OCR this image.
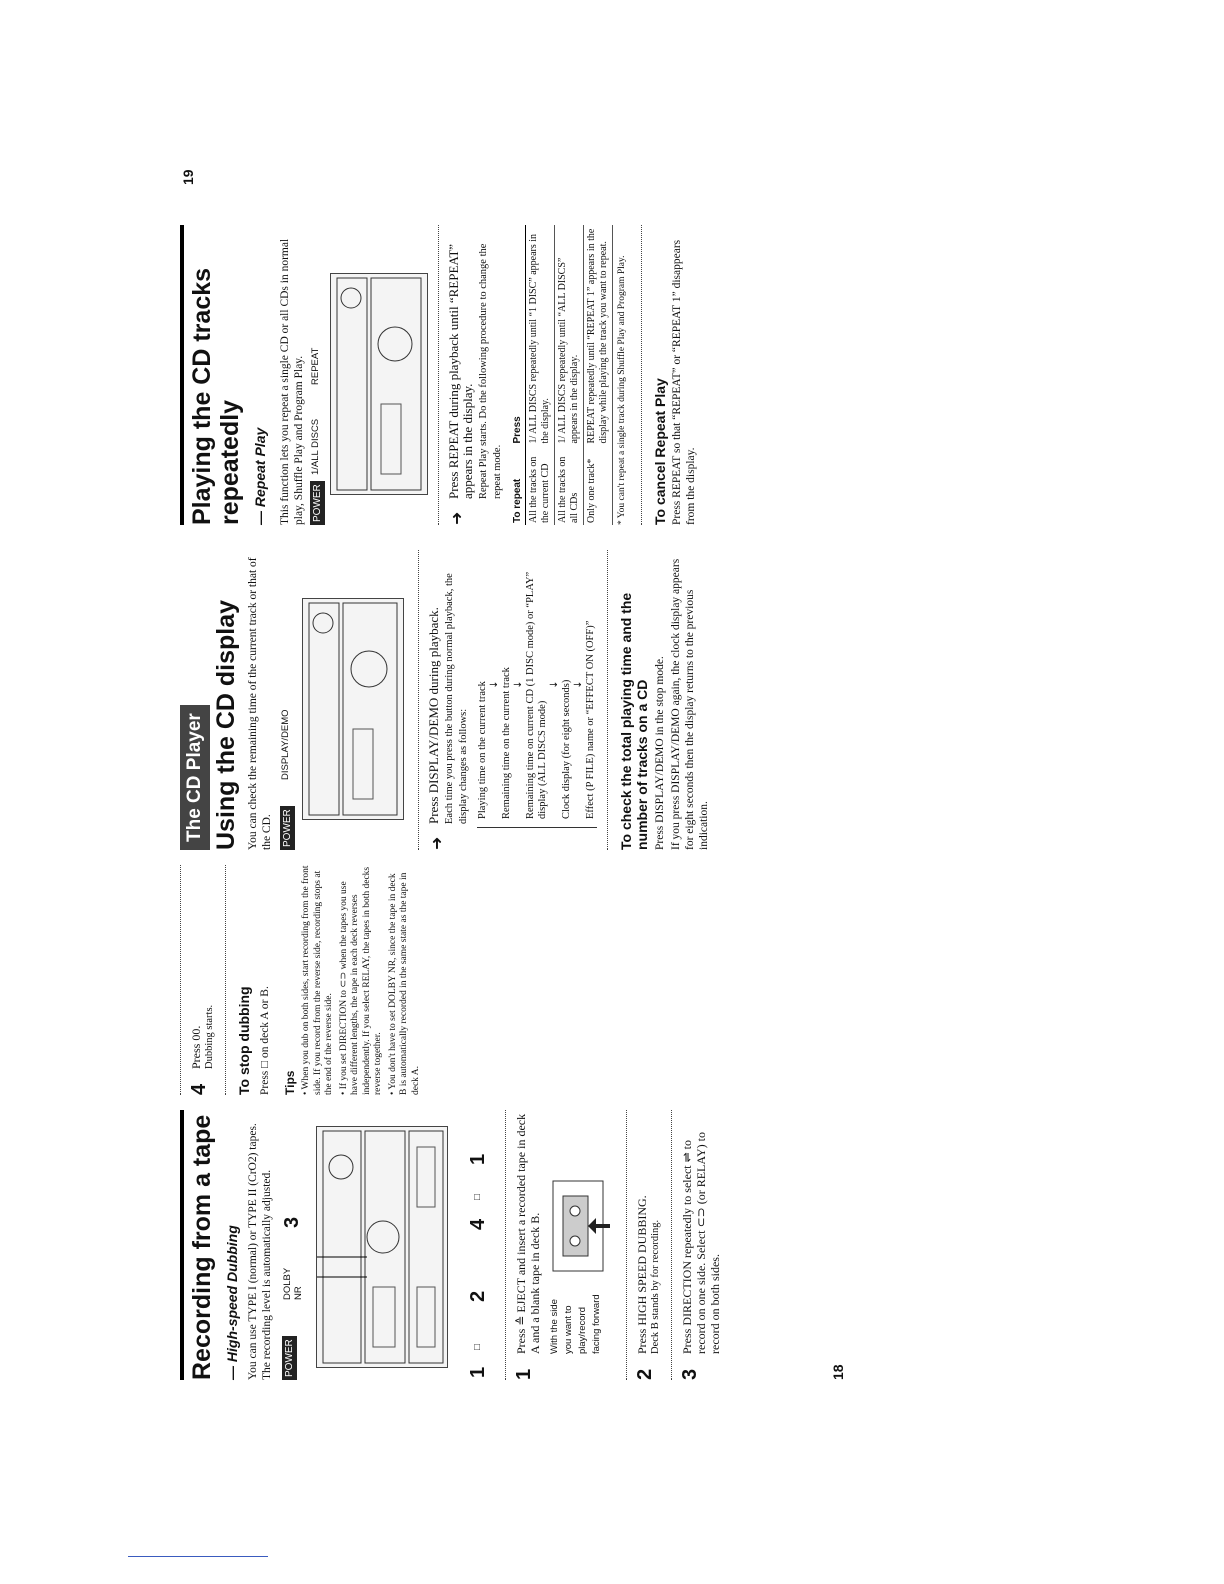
Recording from a tape — High-speed Dubbing You can use TYPE I (normal) or TYPE II (CrO2) tapes. The recording level is automatically adjusted. POWER
DOLBY NR
3
1
□
2
4
□
1
1
Press ≙ EJECT and insert a recorded tape in deck A and a blank tape in deck B. With the side you want to play/record facing forward
2
Press HIGH SPEED DUBBING. Deck B stands by for recording.
3
Press DIRECTION repeatedly to select ⇌ to record on one side. Select ⊂⊃ (or RELAY) to record on both sides.
18
4
Press 00. Dubbing starts. To stop dubbing Press □ on deck A or B. Tips • When you dub on both sides, start recording from the front side. If you record from the reverse side, recording stops at the end of the reverse side. • If you set DIRECTION to ⊂⊃ when the tapes you use have different lengths, the tape in each deck reverses independently. If you select RELAY, the tapes in both decks reverse together. • You don't have to set DOLBY NR, since the tape in deck B is automatically recorded in the same state as the tape in deck A.
The CD Player Using the CD display You can check the remaining time of the current track or that of the CD. POWER
DISPLAY/DEMO
➜
Press DISPLAY/DEMO during playback. Each time you press the button during normal playback, the display changes as follows: Playing time on the current track ↓ Remaining time on the current track ↓ Remaining time on current CD (1 DISC mode) or “PLAY” display (ALL DISCS mode)
↓ Clock display (for eight seconds) ↓ Effect (P FILE) name or “EFFECT ON (OFF)” To check the total playing time and the number of tracks on a CD Press DISPLAY/DEMO in the stop mode. If you press DISPLAY/DEMO again, the clock display appears for eight seconds then the display returns to the previous indication.
Playing the CD tracks repeatedly — Repeat Play This function lets you repeat a single CD or all CDs in normal play, Shuffle Play and Program Play. POWER
1/ALL DISCS
REPEAT
➜
Press REPEAT during playback until “REPEAT” appears in the display. Repeat Play starts. Do the following procedure to change the repeat mode.
To repeat	Press
All the tracks on the current CD	1/ ALL DISCS repeatedly until “1 DISC” appears in the display.
All the tracks on all CDs	1/ ALL DISCS repeatedly until “ALL DISCS” appears in the display.
Only one track*	REPEAT repeatedly until “REPEAT 1” appears in the display while playing the track you want to repeat. * You can't repeat a single track during Shuffle Play and Program Play. To cancel Repeat Play Press REPEAT so that “REPEAT” or “REPEAT 1” disappears from the display.
19
